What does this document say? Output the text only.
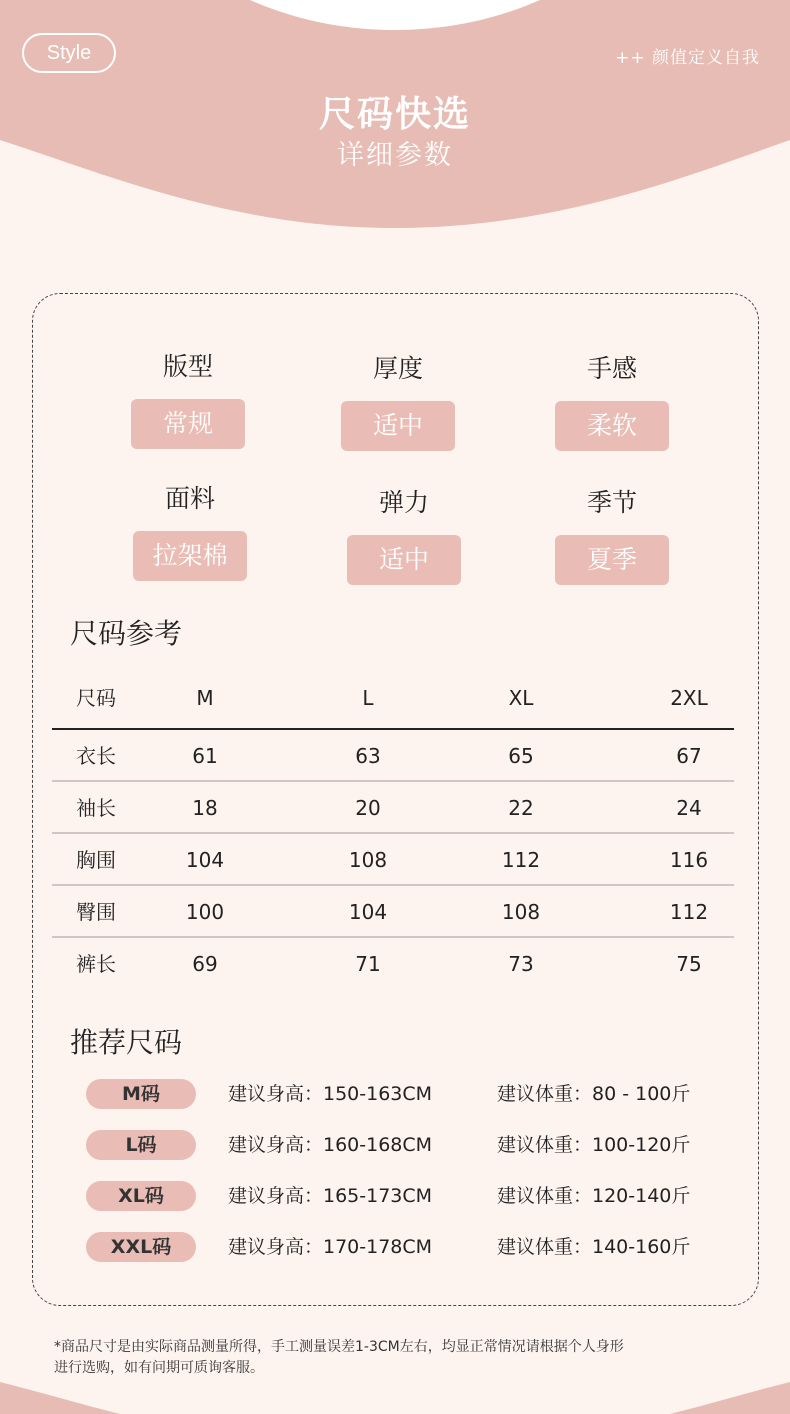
Style	++ 颜值定义自我
尺码快选
详细参数
版型
常规
厚度
适中
手感
柔软
面料
拉架棉
弹力
适中
季节
夏季
尺码参考
尺码	M	L	XL	2XL
衣长	61	63	65	67
袖长	18	20	22	24
胸围	104	108	112	116
臀围	100	104	108	112
裤长	69	71	73	75
推荐尺码
M码	建议身高：150-163CM	建议体重：80 - 100斤
L码	建议身高：160-168CM	建议体重：100-120斤
XL码	建议身高：165-173CM	建议体重：120-140斤
XXL码	建议身高：170-178CM	建议体重：140-160斤
*商品尺寸是由实际商品测量所得，手工测量误差1-3CM左右，均显正常情况请根据个人身形
进行选购，如有问期可质询客服。
